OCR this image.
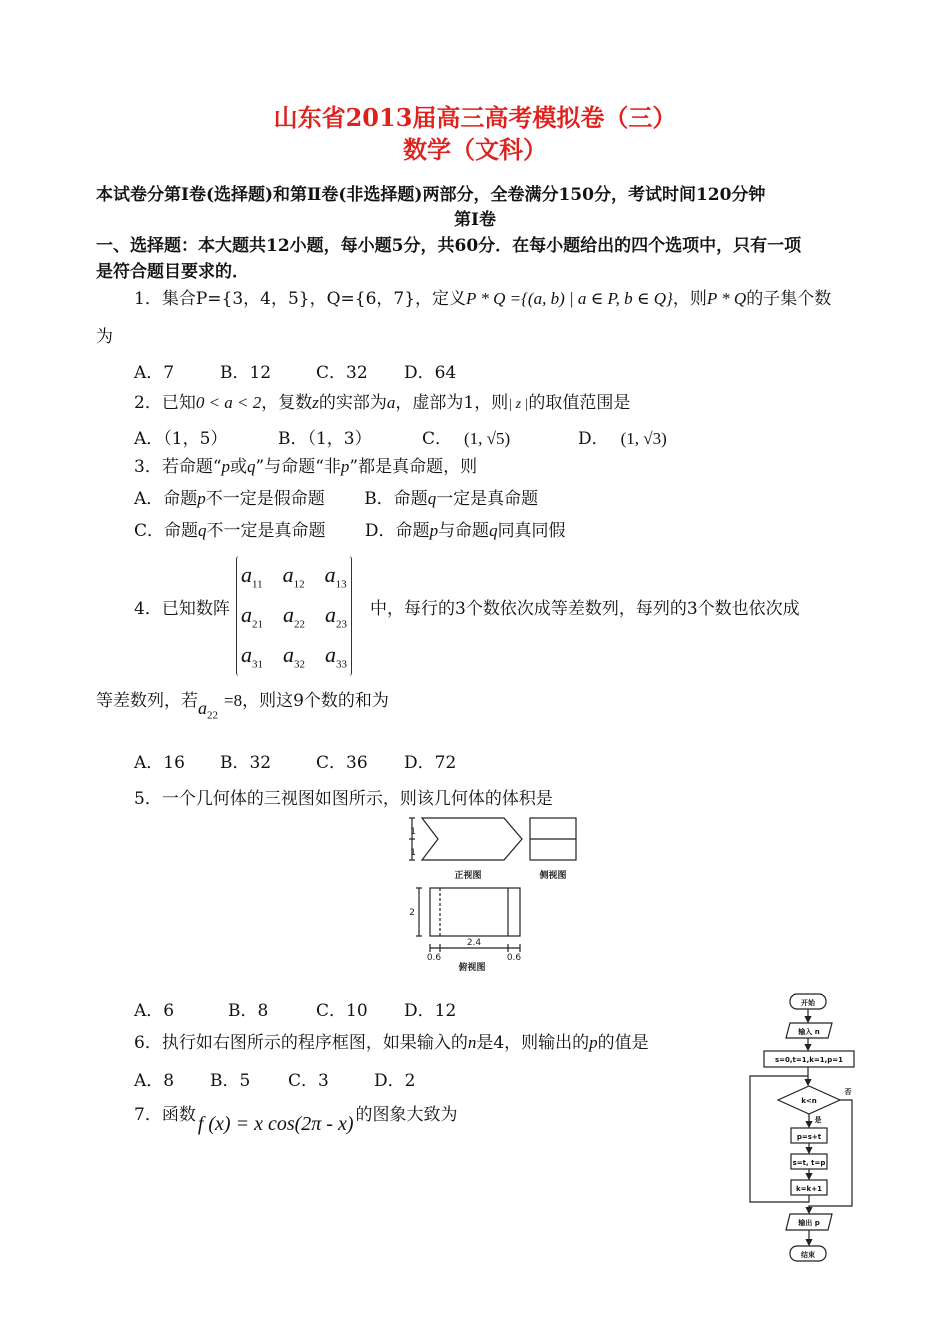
山东省2013届高三高考模拟卷（三）
数学（文科）
本试卷分第Ⅰ卷(选择题)和第Ⅱ卷(非选择题)两部分，全卷满分150分，考试时间120分钟
第Ⅰ卷
一、选择题：本大题共12小题，每小题5分，共60分．在每小题给出的四个选项中，只有一项
是符合题目要求的．
1．集合P={3，4，5}，Q={6，7}，定义P * Q ={(a, b) | a ∈ P, b ∈ Q}，则P * Q的子集个数
为
A．7	B．12	C．32 D．64
2．已知0 < a < 2，复数z的实部为a，虚部为1，则| z |的取值范围是
A．（1，5）	B．（1，3）	C． (1, √5)	D． (1, √3)
3．若命题“p或q”与命题“非p”都是真命题，则
A．命题p不一定是假命题 B．命题q一定是真命题
C．命题q不一定是真命题 D．命题p与命题q同真同假
4．已知数阵
$a_{11}$ $a_{12}$ $a_{13}$
$a_{21}$ $a_{22}$ $a_{23}$
$a_{31}$ $a_{32}$ $a_{33}$
中，每行的3个数依次成等差数列，每列的3个数也依次成
等差数列，若$a_{22}=8$，则这9个数的和为
A．16 B．32	C．36 D．72
5．一个几何体的三视图如图所示，则该几何体的体积是
1
1
2
0.6
2.4
0.6
正视图	侧视图
俯视图
A．6	B．8	C．10 D．12
6．执行如右图所示的程序框图，如果输入的n是4，则输出的p的值是
A．8 B．5 C．3	D．2
开始
输入 n
s=0,t=1,k=1,p=1
k<n
是
否
p=s+t
s=t, t=p
k=k+1
输出 p
结束
7．函数 f (x) = x cos(2π - x) 的图象大致为
